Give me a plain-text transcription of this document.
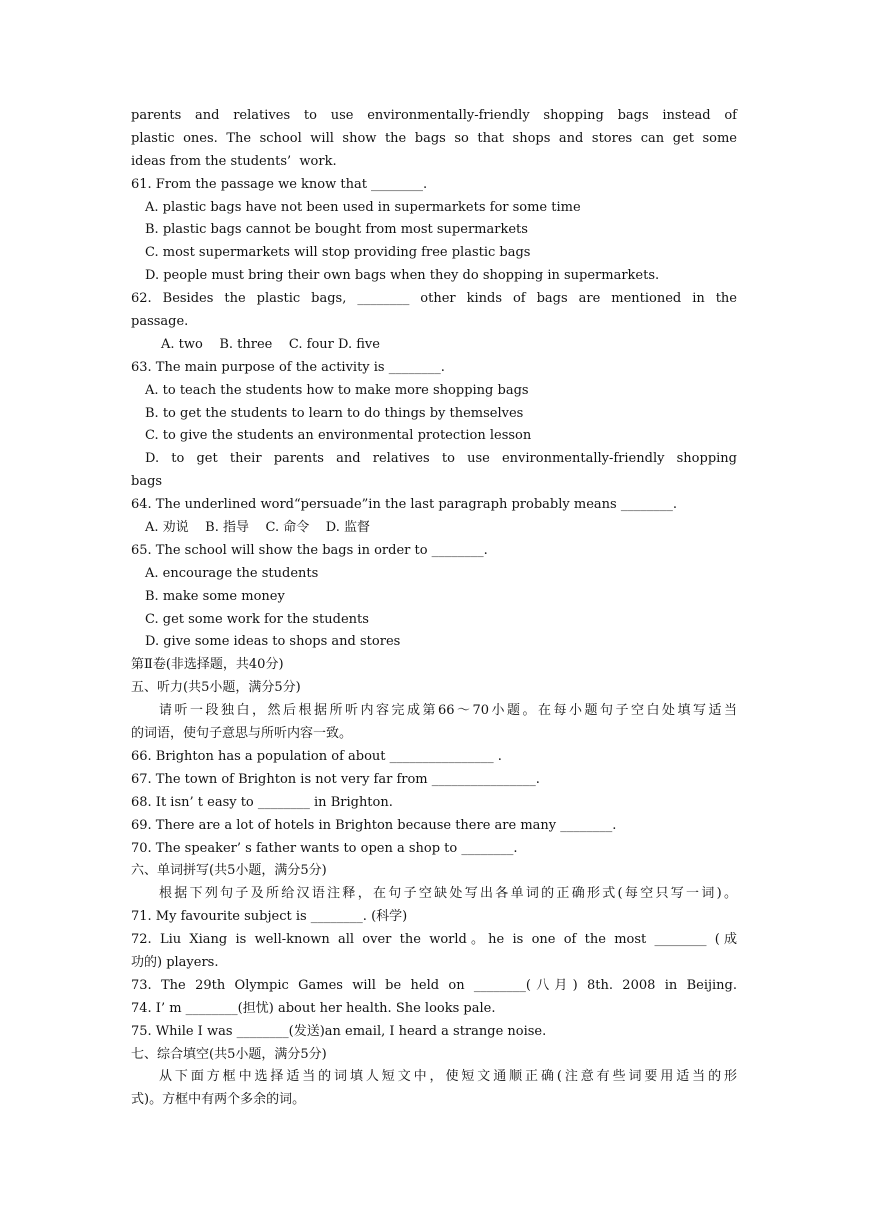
parents and relatives to use environmentally-friendly shopping bags instead of
plastic ones. The school will show the bags so that shops and stores can get some
ideas from the students’  work.
61. From the passage we know that ________.
A. plastic bags have not been used in supermarkets for some time
B. plastic bags cannot be bought from most supermarkets
C. most supermarkets will stop providing free plastic bags
D. people must bring their own bags when they do shopping in supermarkets.
62. Besides the plastic bags, ________ other kinds of bags are mentioned in the
passage.
A. two    B. three    C. four D. five
63. The main purpose of the activity is ________.
A. to teach the students how to make more shopping bags
B. to get the students to learn to do things by themselves
C. to give the students an environmental protection lesson
D. to get their parents and relatives to use environmentally-friendly shopping
bags
64. The underlined word“persuade”in the last paragraph probably means ________.
A. 劝说    B. 指导    C. 命令    D. 监督
65. The school will show the bags in order to ________.
A. encourage the students
B. make some money
C. get some work for the students
D. give some ideas to shops and stores
第Ⅱ卷(非选择题，共40分)
五、听力(共5小题，满分5分)
请听一段独白，然后根据所听内容完成第66～70小题。在每小题句子空白处填写适当
的词语，使句子意思与所听内容一致。
66. Brighton has a population of about ________________ .
67. The town of Brighton is not very far from ________________.
68. It isn’ t easy to ________ in Brighton.
69. There are a lot of hotels in Brighton because there are many ________.
70. The speaker’ s father wants to open a shop to ________.
六、单词拼写(共5小题，满分5分)
根据下列句子及所给汉语注释，在句子空缺处写出各单词的正确形式(每空只写一词)。
71. My favourite subject is ________. (科学)
72. Liu Xiang is well-known all over the world。he is one of the most ________ (成
功的) players.
73. The 29th Olympic Games will be held on ________(八月) 8th. 2008 in Beijing.
74. I’ m ________(担忧) about her health. She looks pale.
75. While I was ________(发送)an email, I heard a strange noise.
七、综合填空(共5小题，满分5分)
从下面方框中选择适当的词填人短文中，使短文通顺正确(注意有些词要用适当的形
式)。方框中有两个多余的词。
